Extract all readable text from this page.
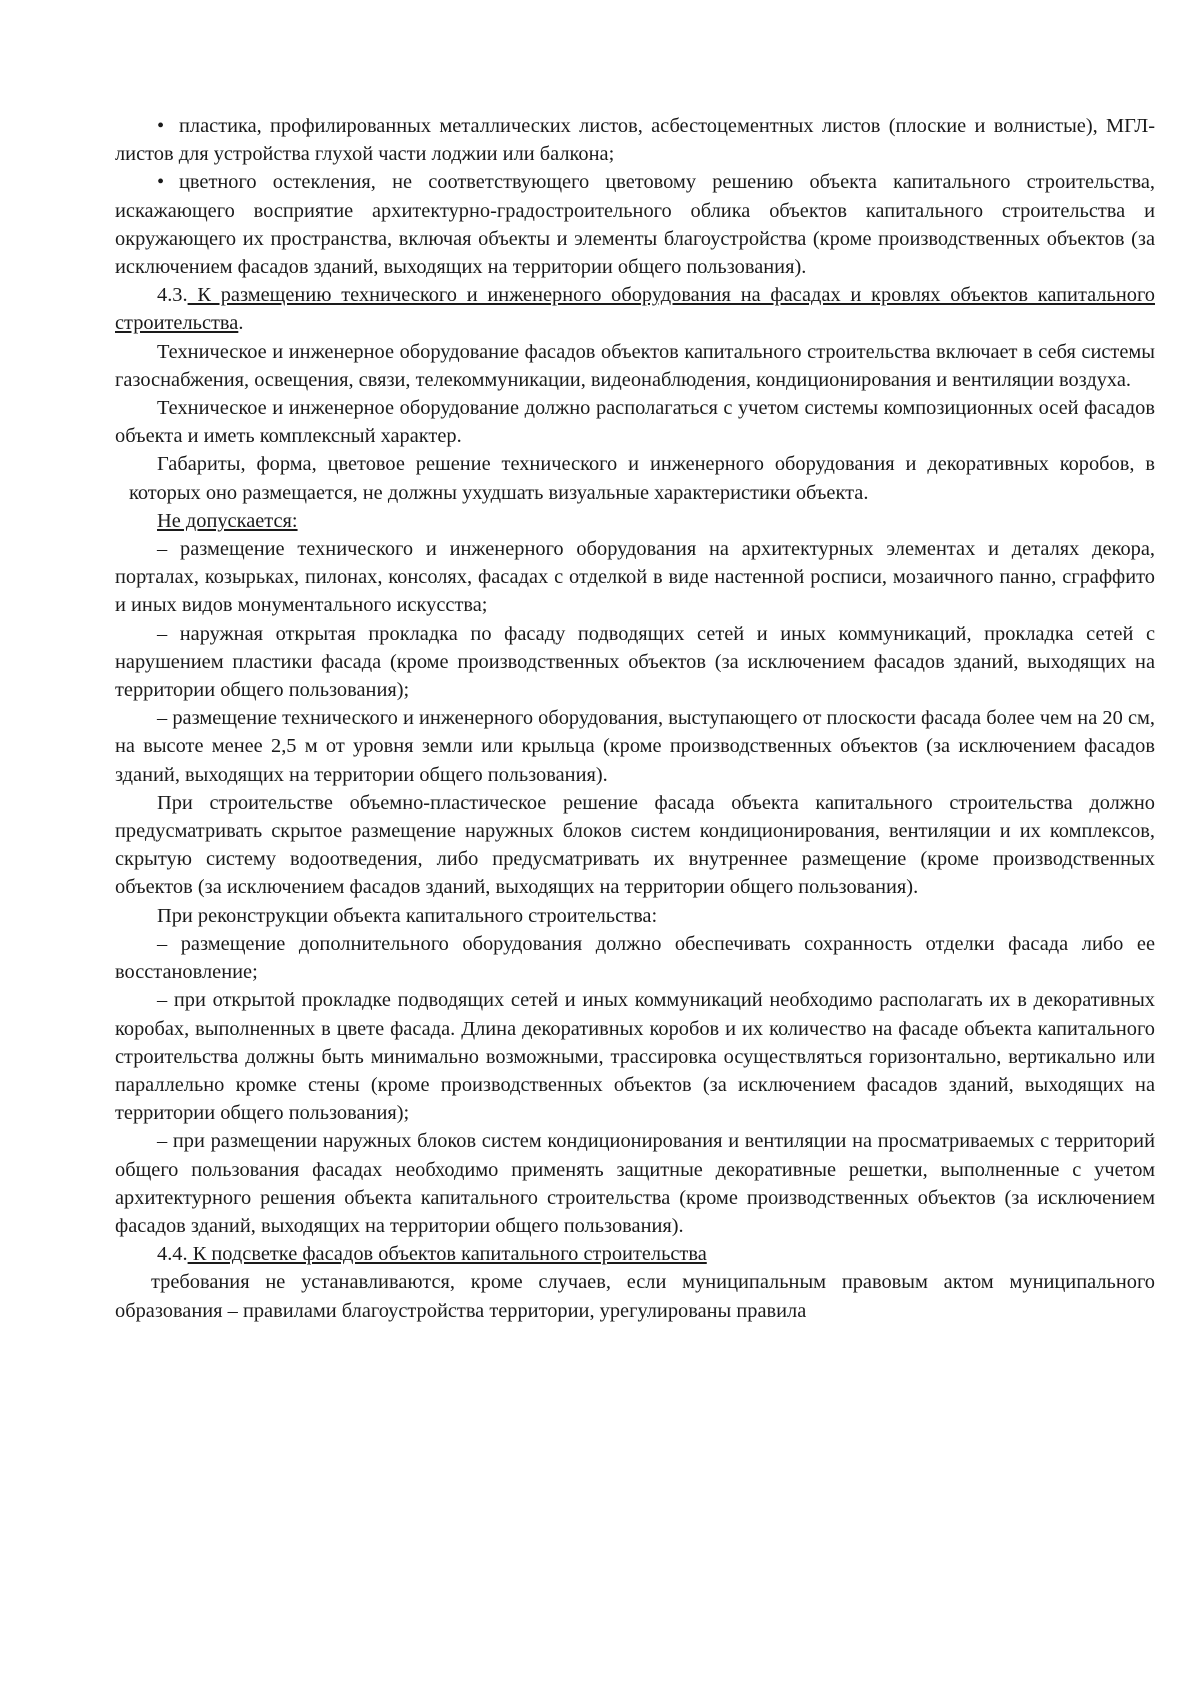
• пластика, профилированных металлических листов, асбестоцементных листов (плоские и волнистые), МГЛ-листов для устройства глухой части лоджии или балкона;

• цветного остекления, не соответствующего цветовому решению объекта капитального строительства, искажающего восприятие архитектурно-градостроительного облика объектов капитального строительства и окружающего их пространства, включая объекты и элементы благоустройства (кроме производственных объектов (за исключением фасадов зданий, выходящих на территории общего пользования).

4.3. К размещению технического и инженерного оборудования на фасадах и кровлях объектов капитального строительства.

Техническое и инженерное оборудование фасадов объектов капитального строительства включает в себя системы газоснабжения, освещения, связи, телекоммуникации, видеонаблюдения, кондиционирования и вентиляции воздуха.

Техническое и инженерное оборудование должно располагаться с учетом системы композиционных осей фасадов объекта и иметь комплексный характер.

Габариты, форма, цветовое решение технического и инженерного оборудования и декоративных коробов, в которых оно размещается, не должны ухудшать визуальные характеристики объекта.

Не допускается:

– размещение технического и инженерного оборудования на архитектурных элементах и деталях декора, порталах, козырьках, пилонах, консолях, фасадах с отделкой в виде настенной росписи, мозаичного панно, сграффито и иных видов монументального искусства;

– наружная открытая прокладка по фасаду подводящих сетей и иных коммуникаций, прокладка сетей с нарушением пластики фасада (кроме производственных объектов (за исключением фасадов зданий, выходящих на территории общего пользования);

– размещение технического и инженерного оборудования, выступающего от плоскости фасада более чем на 20 см, на высоте менее 2,5 м от уровня земли или крыльца (кроме производственных объектов (за исключением фасадов зданий, выходящих на территории общего пользования).

При строительстве объемно-пластическое решение фасада объекта капитального строительства должно предусматривать скрытое размещение наружных блоков систем кондиционирования, вентиляции и их комплексов, скрытую систему водоотведения, либо предусматривать их внутреннее размещение (кроме производственных объектов (за исключением фасадов зданий, выходящих на территории общего пользования).

При реконструкции объекта капитального строительства:

– размещение дополнительного оборудования должно обеспечивать сохранность отделки фасада либо ее восстановление;

– при открытой прокладке подводящих сетей и иных коммуникаций необходимо располагать их в декоративных коробах, выполненных в цвете фасада. Длина декоративных коробов и их количество на фасаде объекта капитального строительства должны быть минимально возможными, трассировка осуществляться горизонтально, вертикально или параллельно кромке стены (кроме производственных объектов (за исключением фасадов зданий, выходящих на территории общего пользования);

– при размещении наружных блоков систем кондиционирования и вентиляции на просматриваемых с территорий общего пользования фасадах необходимо применять защитные декоративные решетки, выполненные с учетом архитектурного решения объекта капитального строительства (кроме производственных объектов (за исключением фасадов зданий, выходящих на территории общего пользования).

4.4. К подсветке фасадов объектов капитального строительства

требования не устанавливаются, кроме случаев, если муниципальным правовым актом муниципального образования – правилами благоустройства территории, урегулированы правила
